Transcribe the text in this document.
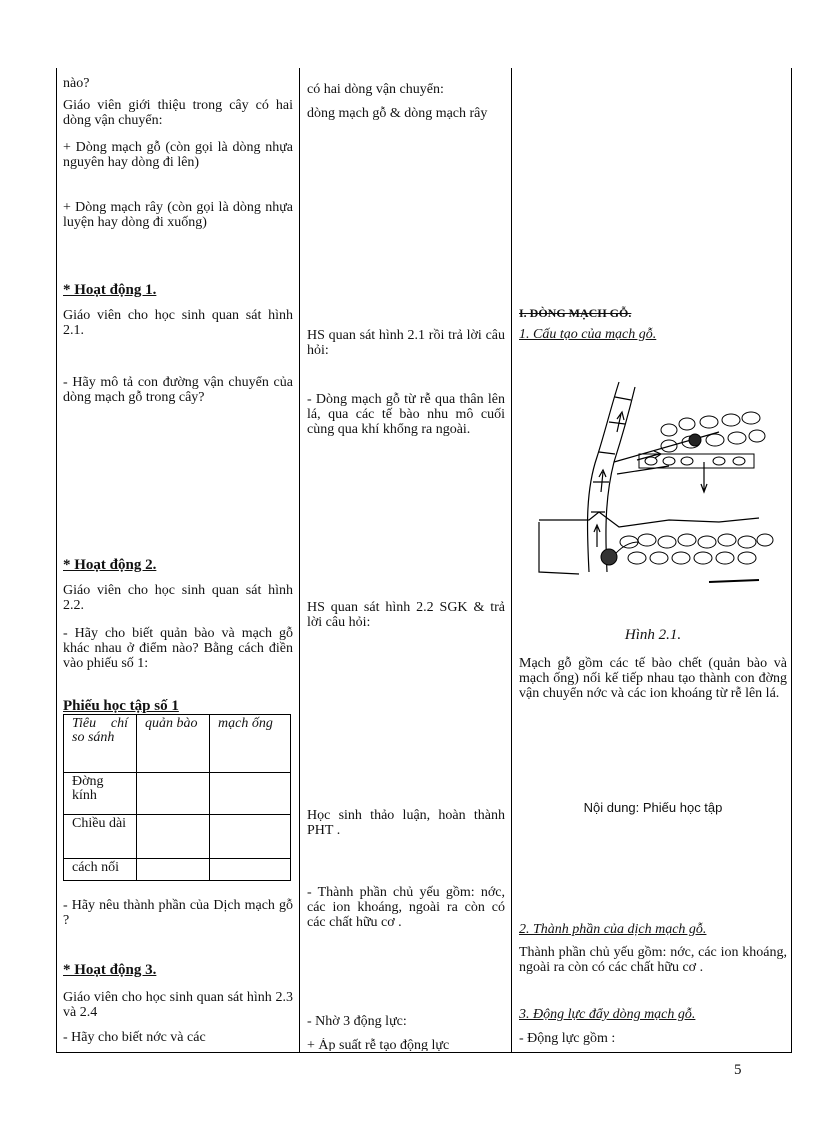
nào?
Giáo viên giới thiệu trong cây có hai dòng vận chuyển:
+ Dòng mạch gỗ (còn gọi là dòng nhựa nguyên hay dòng đi lên)
+ Dòng mạch rây (còn gọi là dòng nhựa luyện hay dòng đi xuống)
* Hoạt động 1.
Giáo viên cho học sinh quan sát hình 2.1.
- Hãy mô tả con đường vận chuyển của dòng mạch gỗ trong cây?
* Hoạt động 2.
Giáo viên cho học sinh quan sát hình 2.2.
- Hãy cho biết quản bào và mạch gỗ khác nhau ở điểm nào? Bằng cách điền vào phiếu số 1:
Phiếu học tập số 1
Tiêu chí so sánh	quản bào	mạch ống
Đờng kính		
Chiều dài		
cách nối		
- Hãy nêu thành phần của Dịch mạch gỗ ?
* Hoạt động 3.
Giáo viên cho học sinh quan sát hình 2.3 và 2.4
- Hãy cho biết nớc và các
có hai dòng vận chuyển:
dòng mạch gỗ & dòng mạch rây
HS quan sát hình 2.1 rồi trả lời câu hỏi:
- Dòng mạch gỗ từ rễ qua thân lên lá, qua các tế bào nhu mô cuối cùng qua khí khổng ra ngoài.
HS quan sát hình 2.2 SGK & trả lời câu hỏi:
Học sinh thảo luận, hoàn thành PHT .
- Thành phần chủ yếu gồm: nớc, các ion khoáng, ngoài ra còn có các chất hữu cơ .
- Nhờ 3 động lực:
+ Áp suất rễ tạo động lực
I. DÒNG MẠCH GỖ.
1. Cấu tạo của mạch gỗ.
Hình 2.1.
Mạch gỗ gồm các tế bào chết (quản bào và mạch ống) nối kế tiếp nhau tạo thành con đờng vận chuyển nớc và các ion khoáng từ rễ lên lá.
Nội dung: Phiếu học tập
2. Thành phần của dịch mạch gỗ.
Thành phần chủ yếu gồm: nớc, các ion khoáng, ngoài ra còn có các chất hữu cơ .
3. Động lực đẩy dòng mạch gỗ.
- Động lực gồm :
5
